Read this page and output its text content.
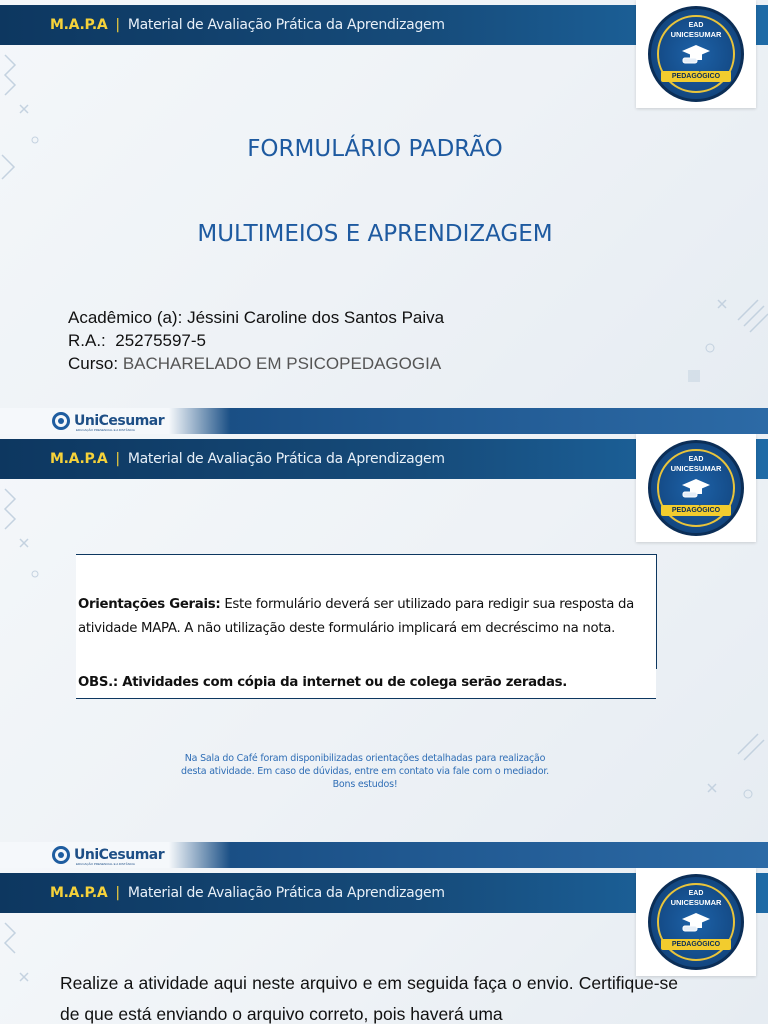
M.A.P.A | Material de Avaliação Prática da Aprendizagem	EAD
UNICESUMAR
PEDAGÓGICO
FORMULÁRIO PADRÃO
MULTIMEIOS E APRENDIZAGEM
Acadêmico (a): Jéssini Caroline dos Santos Paiva
R.A.: 25275597-5
Curso: BACHARELADO EM PSICOPEDAGOGIA
UniCesumar
EDUCAÇÃO PRESENCIAL E A DISTÂNCIA
M.A.P.A | Material de Avaliação Prática da Aprendizagem	EAD
UNICESUMAR
PEDAGÓGICO
Orientações Gerais: Este formulário deverá ser utilizado para redigir sua resposta da atividade MAPA. A não utilização deste formulário implicará em decréscimo na nota.
OBS.: Atividades com cópia da internet ou de colega serão zeradas.
Na Sala do Café foram disponibilizadas orientações detalhadas para realização
desta atividade. Em caso de dúvidas, entre em contato via fale com o mediador.
Bons estudos!
UniCesumar
EDUCAÇÃO PRESENCIAL E A DISTÂNCIA
M.A.P.A | Material de Avaliação Prática da Aprendizagem	EAD
UNICESUMAR
PEDAGÓGICO
Realize a atividade aqui neste arquivo e em seguida faça o envio. Certifique-se de que está enviando o arquivo correto, pois haverá uma
